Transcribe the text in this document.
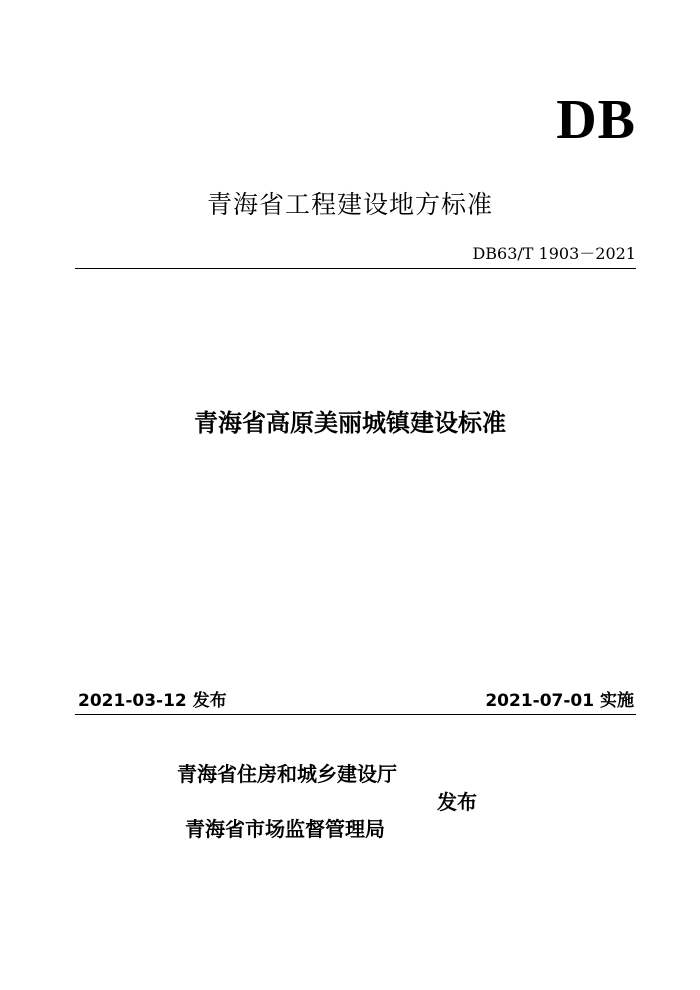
DB
青海省工程建设地方标准
DB63/T 1903－2021
青海省高原美丽城镇建设标准
2021-03-12 发布	2021-07-01 实施
青海省住房和城乡建设厅
发布
青海省市场监督管理局
